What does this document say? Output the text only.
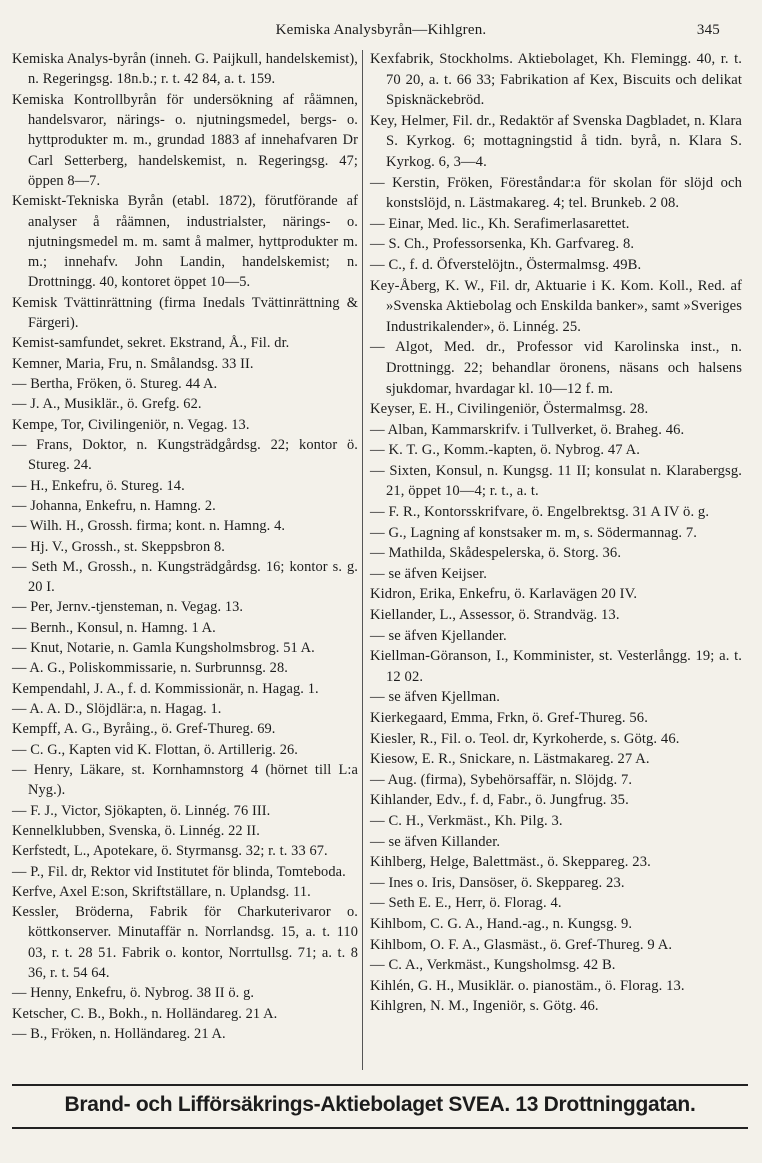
Kemiska Analysbyrån—Kihlgren.	345
Kemiska Analys-byrån (inneh. G. Paijkull, handelskemist), n. Regeringsg. 18n.b.; r. t. 42 84, a. t. 159.
Kemiska Kontrollbyrån för undersökning af råämnen, handelsvaror, närings- o. njutningsmedel, bergs- o. hyttprodukter m. m., grundad 1883 af innehafvaren Dr Carl Setterberg, handelskemist, n. Regeringsg. 47; öppen 8—7.
Kemiskt-Tekniska Byrån (etabl. 1872), förutförande af analyser å råämnen, industrialster, närings- o. njutningsmedel m. m. samt å malmer, hyttprodukter m. m.; innehafv. John Landin, handelskemist; n. Drottningg. 40, kontoret öppet 10—5.
Kemisk Tvättinrättning (firma Inedals Tvättinrättning & Färgeri).
Kemist-samfundet, sekret. Ekstrand, Å., Fil. dr.
Kemner, Maria, Fru, n. Smålandsg. 33 II.
— Bertha, Fröken, ö. Stureg. 44 A.
— J. A., Musiklär., ö. Grefg. 62.
Kempe, Tor, Civilingeniör, n. Vegag. 13.
— Frans, Doktor, n. Kungsträdgårdsg. 22; kontor ö. Stureg. 24.
— H., Enkefru, ö. Stureg. 14.
— Johanna, Enkefru, n. Hamng. 2.
— Wilh. H., Grossh. firma; kont. n. Hamng. 4.
— Hj. V., Grossh., st. Skeppsbron 8.
— Seth M., Grossh., n. Kungsträdgårdsg. 16; kontor s. g. 20 I.
— Per, Jernv.-tjensteman, n. Vegag. 13.
— Bernh., Konsul, n. Hamng. 1 A.
— Knut, Notarie, n. Gamla Kungsholmsbrog. 51 A.
— A. G., Poliskommissarie, n. Surbrunnsg. 28.
Kempendahl, J. A., f. d. Kommissionär, n. Hagag. 1.
— A. A. D., Slöjdlär:a, n. Hagag. 1.
Kempff, A. G., Byråing., ö. Gref-Thureg. 69.
— C. G., Kapten vid K. Flottan, ö. Artillerig. 26.
— Henry, Läkare, st. Kornhamnstorg 4 (hörnet till L:a Nyg.).
— F. J., Victor, Sjökapten, ö. Linnég. 76 III.
Kennelklubben, Svenska, ö. Linnég. 22 II.
Kerfstedt, L., Apotekare, ö. Styrmansg. 32; r. t. 33 67.
— P., Fil. dr, Rektor vid Institutet för blinda, Tomteboda.
Kerfve, Axel E:son, Skriftställare, n. Uplandsg. 11.
Kessler, Bröderna, Fabrik för Charkuterivaror o. köttkonserver. Minutaffär n. Norrlandsg. 15, a. t. 110 03, r. t. 28 51. Fabrik o. kontor, Norrtullsg. 71; a. t. 8 36, r. t. 54 64.
— Henny, Enkefru, ö. Nybrog. 38 II ö. g.
Ketscher, C. B., Bokh., n. Holländareg. 21 A.
— B., Fröken, n. Holländareg. 21 A.
Kexfabrik, Stockholms. Aktiebolaget, Kh. Flemingg. 40, r. t. 70 20, a. t. 66 33; Fabrikation af Kex, Biscuits och delikat Spisknäckebröd.
Key, Helmer, Fil. dr., Redaktör af Svenska Dagbladet, n. Klara S. Kyrkog. 6; mottagningstid å tidn. byrå, n. Klara S. Kyrkog. 6, 3—4.
— Kerstin, Fröken, Föreståndar:a för skolan för slöjd och konstslöjd, n. Lästmakareg. 4; tel. Brunkeb. 2 08.
— Einar, Med. lic., Kh. Serafimerlasarettet.
— S. Ch., Professorsenka, Kh. Garfvareg. 8.
— C., f. d. Öfverstelöjtn., Östermalmsg. 49B.
Key-Åberg, K. W., Fil. dr, Aktuarie i K. Kom. Koll., Red. af »Svenska Aktiebolag och Enskilda banker», samt »Sveriges Industrikalender», ö. Linnég. 25.
— Algot, Med. dr., Professor vid Karolinska inst., n. Drottningg. 22; behandlar öronens, näsans och halsens sjukdomar, hvardagar kl. 10—12 f. m.
Keyser, E. H., Civilingeniör, Östermalmsg. 28.
— Alban, Kammarskrifv. i Tullverket, ö. Braheg. 46.
— K. T. G., Komm.-kapten, ö. Nybrog. 47 A.
— Sixten, Konsul, n. Kungsg. 11 II; konsulat n. Klarabergsg. 21, öppet 10—4; r. t., a. t.
— F. R., Kontorsskrifvare, ö. Engelbrektsg. 31 A IV ö. g.
— G., Lagning af konstsaker m. m, s. Södermannag. 7.
— Mathilda, Skådespelerska, ö. Storg. 36.
— se äfven Keijser.
Kidron, Erika, Enkefru, ö. Karlavägen 20 IV.
Kiellander, L., Assessor, ö. Strandväg. 13.
— se äfven Kjellander.
Kiellman-Göranson, I., Komminister, st. Vesterlångg. 19; a. t. 12 02.
— se äfven Kjellman.
Kierkegaard, Emma, Frkn, ö. Gref-Thureg. 56.
Kiesler, R., Fil. o. Teol. dr, Kyrkoherde, s. Götg. 46.
Kiesow, E. R., Snickare, n. Lästmakareg. 27 A.
— Aug. (firma), Sybehörsaffär, n. Slöjdg. 7.
Kihlander, Edv., f. d, Fabr., ö. Jungfrug. 35.
— C. H., Verkmäst., Kh. Pilg. 3.
— se äfven Killander.
Kihlberg, Helge, Balettmäst., ö. Skeppareg. 23.
— Ines o. Iris, Dansöser, ö. Skeppareg. 23.
— Seth E. E., Herr, ö. Florag. 4.
Kihlbom, C. G. A., Hand.-ag., n. Kungsg. 9.
Kihlbom, O. F. A., Glasmäst., ö. Gref-Thureg. 9 A.
— C. A., Verkmäst., Kungsholmsg. 42 B.
Kihlén, G. H., Musiklär. o. pianostäm., ö. Florag. 13.
Kihlgren, N. M., Ingeniör, s. Götg. 46.
Brand- och Lifförsäkrings-Aktiebolaget SVEA. 13 Drottninggatan.
